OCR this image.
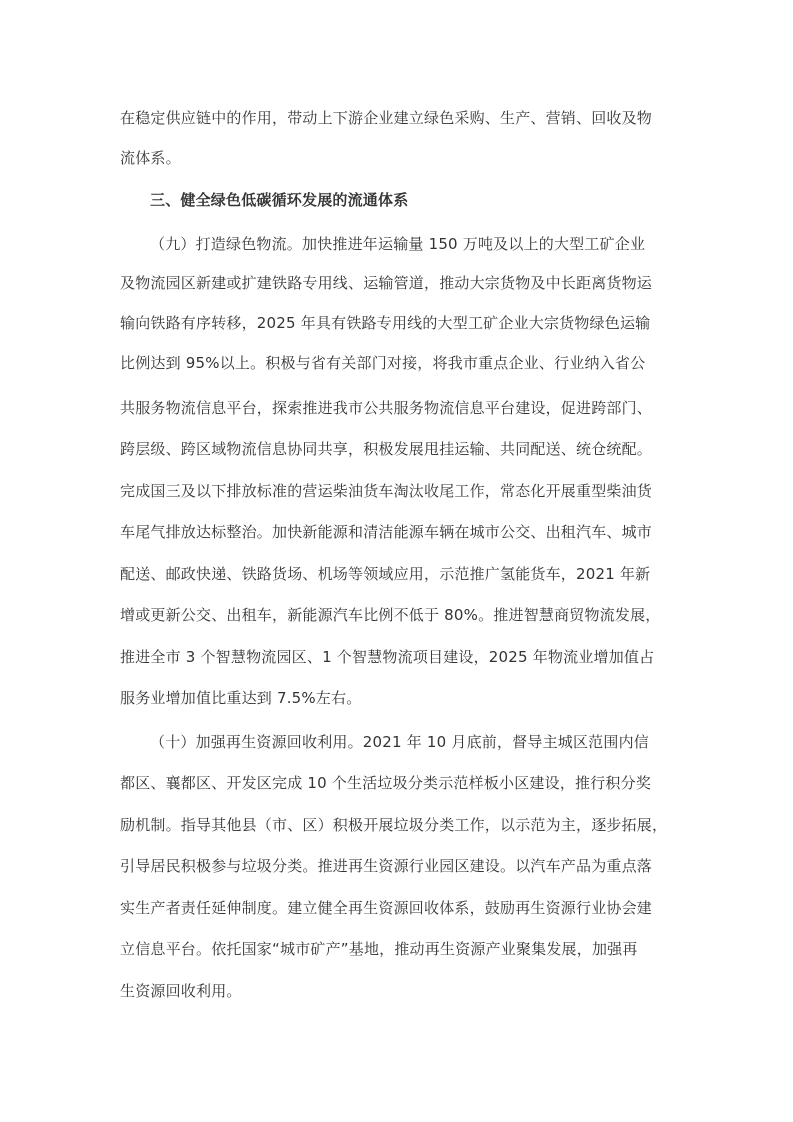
在稳定供应链中的作用，带动上下游企业建立绿色采购、生产、营销、回收及物
流体系。
三、健全绿色低碳循环发展的流通体系
（九）打造绿色物流。加快推进年运输量 150 万吨及以上的大型工矿企业
及物流园区新建或扩建铁路专用线、运输管道，推动大宗货物及中长距离货物运
输向铁路有序转移，2025 年具有铁路专用线的大型工矿企业大宗货物绿色运输
比例达到 95%以上。积极与省有关部门对接，将我市重点企业、行业纳入省公
共服务物流信息平台，探索推进我市公共服务物流信息平台建设，促进跨部门、
跨层级、跨区域物流信息协同共享，积极发展甩挂运输、共同配送、统仓统配。
完成国三及以下排放标准的营运柴油货车淘汰收尾工作，常态化开展重型柴油货
车尾气排放达标整治。加快新能源和清洁能源车辆在城市公交、出租汽车、城市
配送、邮政快递、铁路货场、机场等领域应用，示范推广氢能货车，2021 年新
增或更新公交、出租车，新能源汽车比例不低于 80%。推进智慧商贸物流发展，
推进全市 3 个智慧物流园区、1 个智慧物流项目建设，2025 年物流业增加值占
服务业增加值比重达到 7.5%左右。
（十）加强再生资源回收利用。2021 年 10 月底前，督导主城区范围内信
都区、襄都区、开发区完成 10 个生活垃圾分类示范样板小区建设，推行积分奖
励机制。指导其他县（市、区）积极开展垃圾分类工作，以示范为主，逐步拓展，
引导居民积极参与垃圾分类。推进再生资源行业园区建设。以汽车产品为重点落
实生产者责任延伸制度。建立健全再生资源回收体系，鼓励再生资源行业协会建
立信息平台。依托国家“城市矿产”基地，推动再生资源产业聚集发展，加强再
生资源回收利用。
